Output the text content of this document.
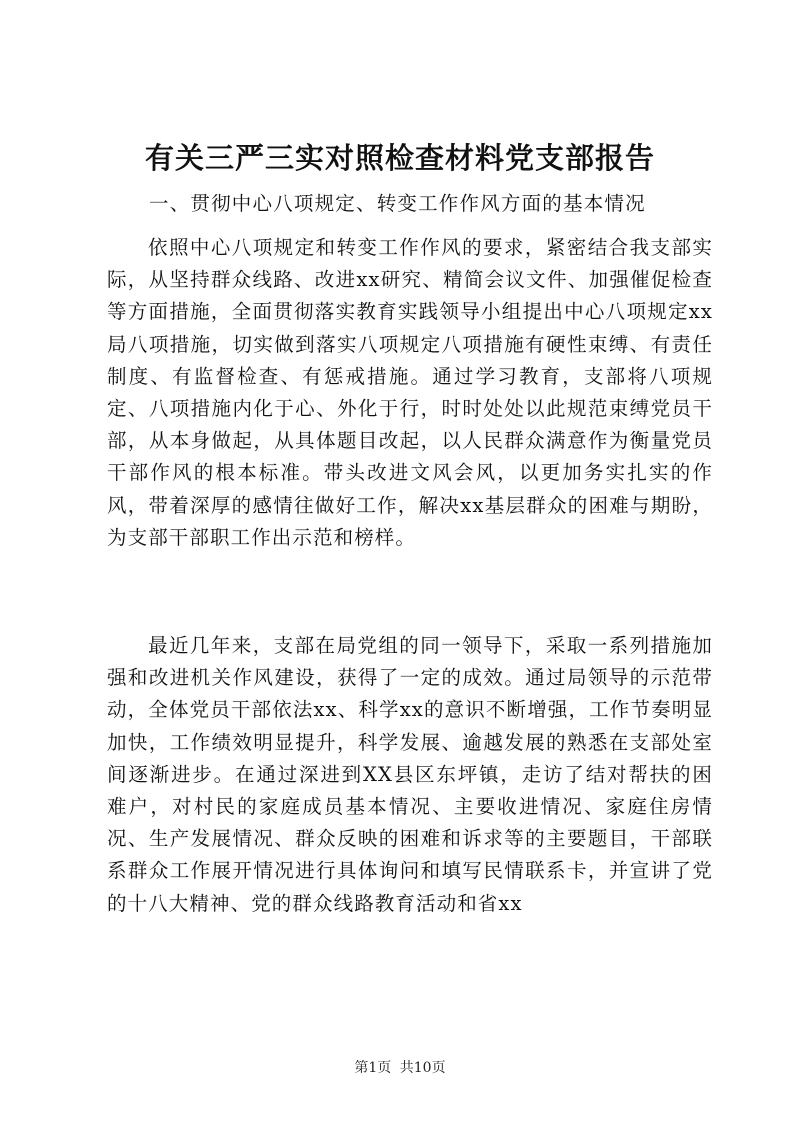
有关三严三实对照检查材料党支部报告

一、贯彻中心八项规定、转变工作作风方面的基本情况

依照中心八项规定和转变工作作风的要求，紧密结合我支部实际，从坚持群众线路、改进xx研究、精简会议文件、加强催促检查等方面措施，全面贯彻落实教育实践领导小组提出中心八项规定xx局八项措施，切实做到落实八项规定八项措施有硬性束缚、有责任制度、有监督检查、有惩戒措施。通过学习教育，支部将八项规定、八项措施内化于心、外化于行，时时处处以此规范束缚党员干部，从本身做起，从具体题目改起，以人民群众满意作为衡量党员干部作风的根本标准。带头改进文风会风，以更加务实扎实的作风，带着深厚的感情往做好工作，解决xx基层群众的困难与期盼，为支部干部职工作出示范和榜样。

最近几年来，支部在局党组的同一领导下，采取一系列措施加强和改进机关作风建设，获得了一定的成效。通过局领导的示范带动，全体党员干部依法xx、科学xx的意识不断增强，工作节奏明显加快，工作绩效明显提升，科学发展、逾越发展的熟悉在支部处室间逐渐进步。在通过深进到XX县区东坪镇，走访了结对帮扶的困难户，对村民的家庭成员基本情况、主要收进情况、家庭住房情况、生产发展情况、群众反映的困难和诉求等的主要题目，干部联系群众工作展开情况进行具体询问和填写民情联系卡，并宣讲了党的十八大精神、党的群众线路教育活动和省xx

第1页 共10页
